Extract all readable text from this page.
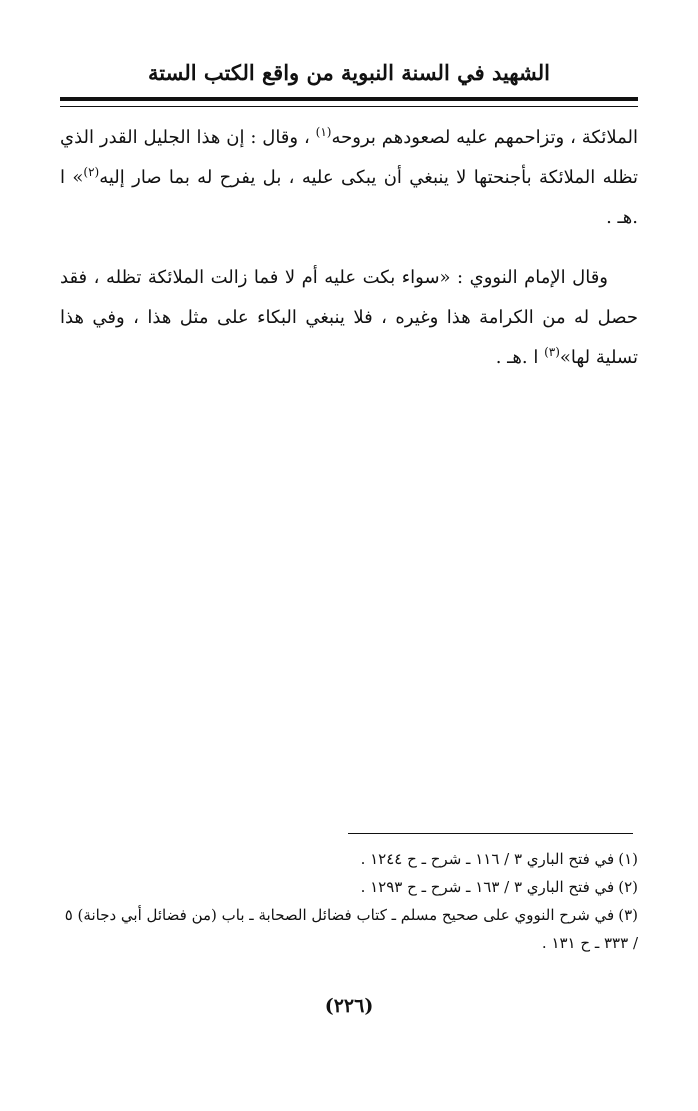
الشهيد في السنة النبوية من واقع الكتب الستة

الملائكة ، وتزاحمهم عليه لصعودهم بروحه$^{(١)}$ ، وقال : إن هذا الجليل القدر الذي تظله الملائكة بأجنحتها لا ينبغي أن يبكى عليه ، بل يفرح له بما صار إليه$^{(٢)}$» ا .هـ .

وقال الإمام النووي : «سواء بكت عليه أم لا فما زالت الملائكة تظله ، فقد حصل له من الكرامة هذا وغيره ، فلا ينبغي البكاء على مثل هذا ، وفي هذا تسلية لها»$^{(٣)}$ ا .هـ .

(١)في فتح الباري ٣ / ١١٦ ـ شرح ـ ح ١٢٤٤ .

(٢)في فتح الباري ٣ / ١٦٣ ـ شرح ـ ح ١٢٩٣ .

(٣)في شرح النووي على صحيح مسلم ـ كتاب فضائل الصحابة ـ باب (من فضائل أبي دجانة) ٥ / ٣٣٣ ـ ح ١٣١ .

(٢٢٦)
